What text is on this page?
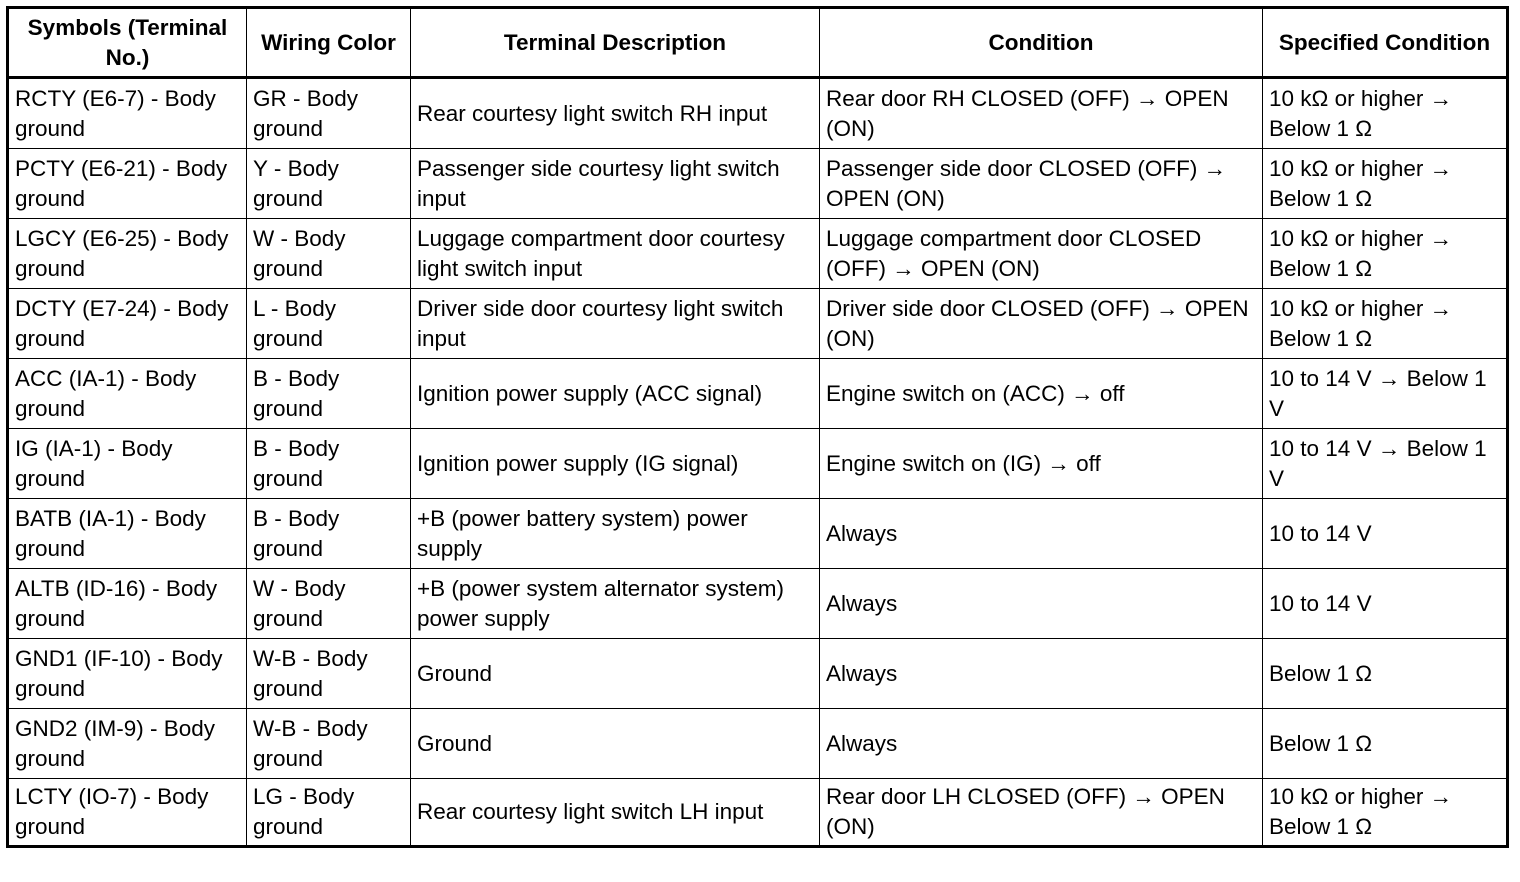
Symbols (Terminal No.)	Wiring Color	Terminal Description	Condition	Specified Condition
RCTY (E6-7) - Body ground	GR - Body ground	Rear courtesy light switch RH input	Rear door RH CLOSED (OFF) → OPEN (ON)	10 kΩ or higher → Below 1 Ω
PCTY (E6-21) - Body ground	Y - Body ground	Passenger side courtesy light switch input	Passenger side door CLOSED (OFF) → OPEN (ON)	10 kΩ or higher → Below 1 Ω
LGCY (E6-25) - Body ground	W - Body ground	Luggage compartment door courtesy light switch input	Luggage compartment door CLOSED (OFF) → OPEN (ON)	10 kΩ or higher → Below 1 Ω
DCTY (E7-24) - Body ground	L - Body ground	Driver side door courtesy light switch input	Driver side door CLOSED (OFF) → OPEN (ON)	10 kΩ or higher → Below 1 Ω
ACC (IA-1) - Body ground	B - Body ground	Ignition power supply (ACC signal)	Engine switch on (ACC) → off	10 to 14 V → Below 1 V
IG (IA-1) - Body ground	B - Body ground	Ignition power supply (IG signal)	Engine switch on (IG) → off	10 to 14 V → Below 1 V
BATB (IA-1) - Body ground	B - Body ground	+B (power battery system) power supply	Always	10 to 14 V
ALTB (ID-16) - Body ground	W - Body ground	+B (power system alternator system) power supply	Always	10 to 14 V
GND1 (IF-10) - Body ground	W-B - Body ground	Ground	Always	Below 1 Ω
GND2 (IM-9) - Body ground	W-B - Body ground	Ground	Always	Below 1 Ω
LCTY (IO-7) - Body ground	LG - Body ground	Rear courtesy light switch LH input	Rear door LH CLOSED (OFF) → OPEN (ON)	10 kΩ or higher → Below 1 Ω
